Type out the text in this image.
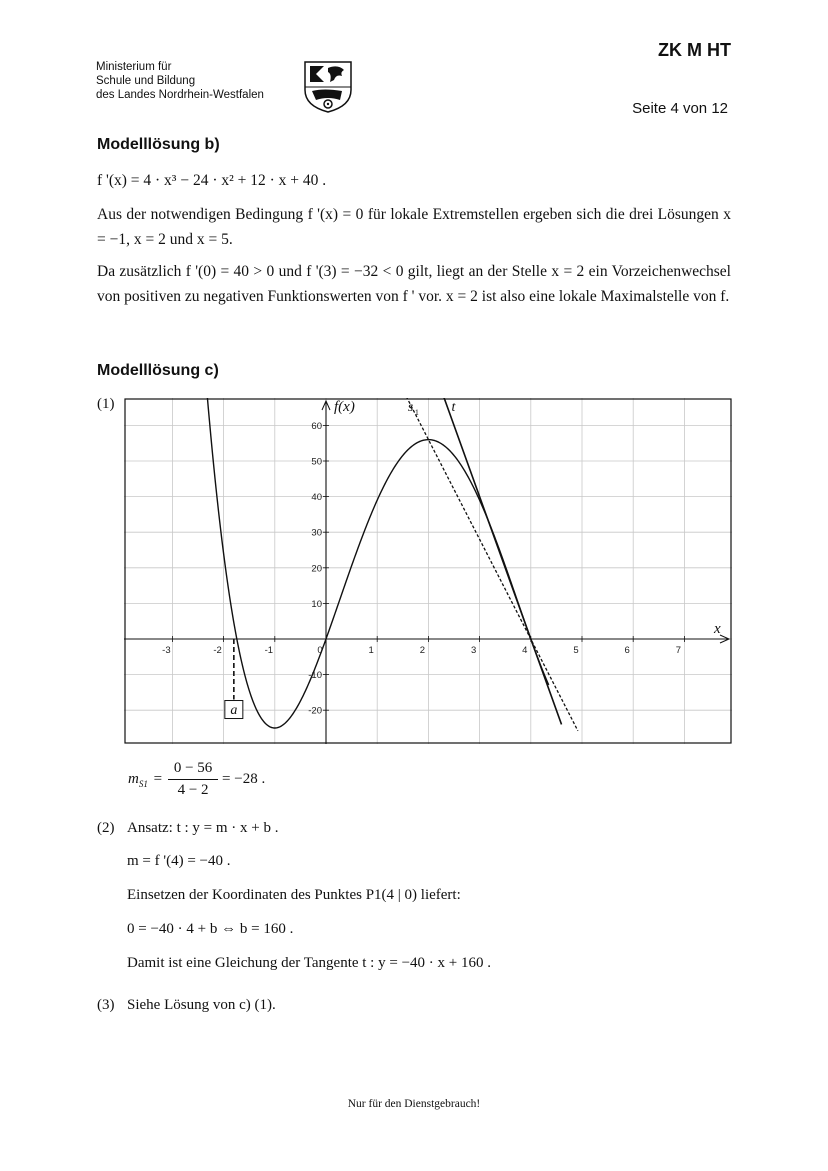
Ministerium für
Schule und Bildung
des Landes Nordrhein-Westfalen
ZK M HT
Seite 4 von 12
Modelllösung b)
f '(x) = 4 · x³ − 24 · x² + 12 · x + 40 .
Aus der notwendigen Bedingung f '(x) = 0 für lokale Extremstellen ergeben sich die drei Lösungen x = −1, x = 2 und x = 5.
Da zusätzlich f '(0) = 40 > 0 und f '(3) = −32 < 0 gilt, liegt an der Stelle x = 2 ein Vorzeichenwechsel von positiven zu negativen Funktionswerten von f ' vor. x = 2 ist also eine lokale Maximalstelle von f.
Modelllösung c)
(1)
-3	-2	-1	0	1	2	3	4	5	6	7
-20
-10
10
20
30
40
50
60
f(x)
x
s 1 t
a
$m_{S1} = \frac{0 - 56}{4 - 2} = -28$ .
(2) Ansatz: t : y = m · x + b .
m = f '(4) = −40 .
Einsetzen der Koordinaten des Punktes P1(4 | 0) liefert:
0 = −40 · 4 + b ⇔ b = 160 .
Damit ist eine Gleichung der Tangente t : y = −40 · x + 160 .
(3) Siehe Lösung von c) (1).
Nur für den Dienstgebrauch!
